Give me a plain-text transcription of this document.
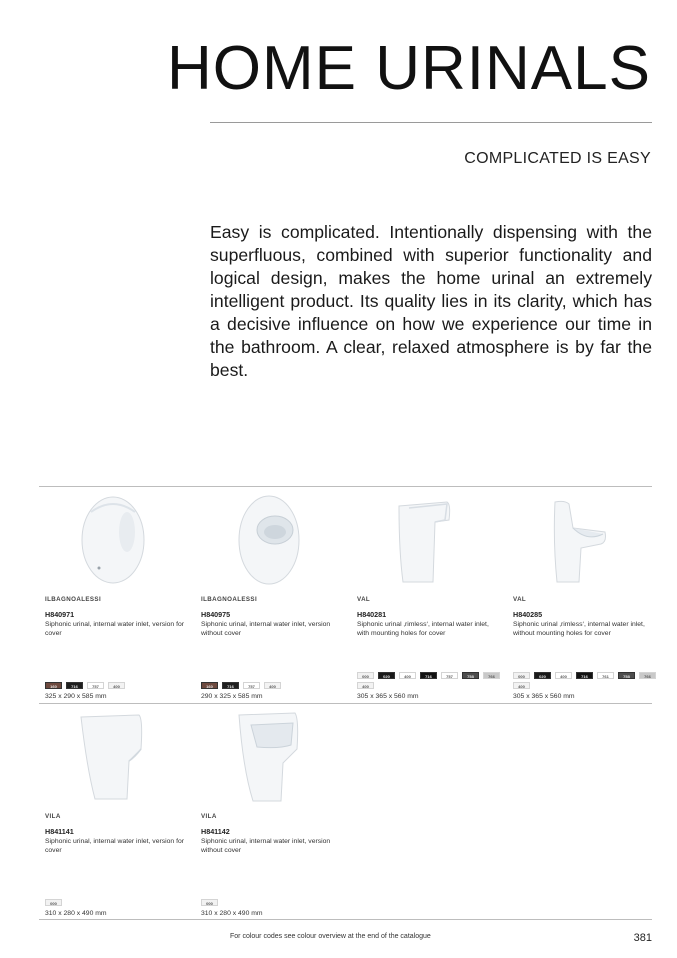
HOME URINALS
COMPLICATED IS EASY

Easy is complicated. Intentionally dispensing with the superfluous, combined with superior functionality and logical design, makes the home urinal an extremely intelligent product. Its quality lies in its clarity, which has a decisive influence on how we experience our time in the bathroom. A clear, relaxed atmosphere is by far the best.

ILBAGNOALESSI
H840971
Siphonic urinal, internal water inlet, version for cover
160	716	757	400
325 x 290 x 585 mm
ILBAGNOALESSI
H840975
Siphonic urinal, internal water inlet, version without cover
160	716	757	400
290 x 325 x 585 mm
VAL
H840281
Siphonic urinal ‚rimless‘, internal water inlet, with mounting holes for cover
000	020	400	716	757	758	766
400
305 x 365 x 560 mm
VAL
H840285
Siphonic urinal ‚rimless‘, internal water inlet, without mounting holes for cover
000	020	400	716	761	758	766
400
305 x 365 x 560 mm
VILA
H841141
Siphonic urinal, internal water inlet, version for cover
000
310 x 280 x 490 mm
VILA
H841142
Siphonic urinal, internal water inlet, version without cover
000
310 x 280 x 490 mm
For colour codes see colour overview at the end of the catalogue	381
